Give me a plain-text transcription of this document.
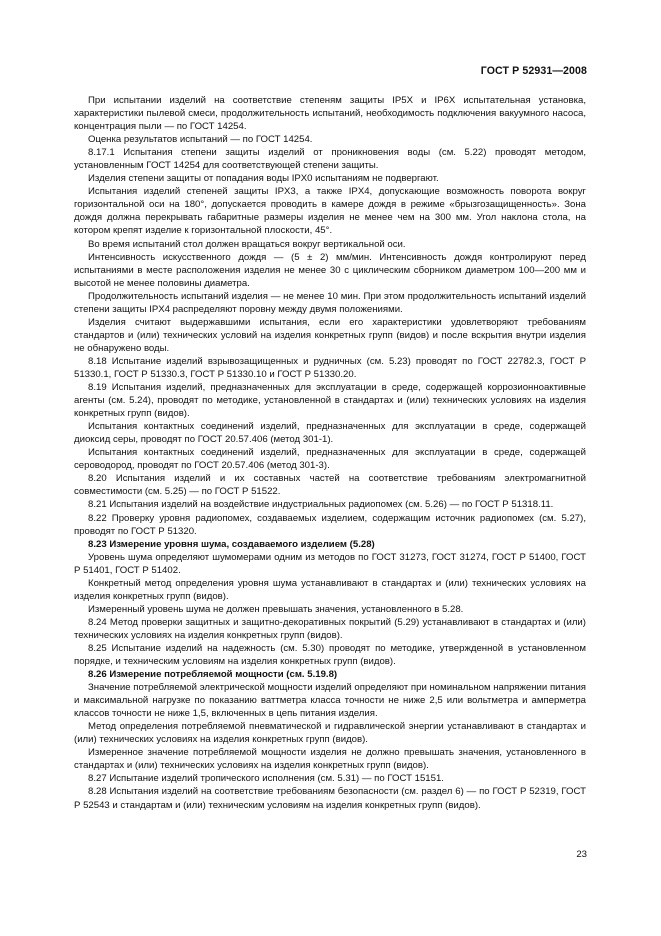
ГОСТ Р 52931—2008

При испытании изделий на соответствие степеням защиты IP5X и IP6X испытательная установка, характеристики пылевой смеси, продолжительность испытаний, необходимость подключения вакуумного насоса, концентрация пыли — по ГОСТ 14254.

Оценка результатов испытаний — по ГОСТ 14254.

8.17.1 Испытания степени защиты изделий от проникновения воды (см. 5.22) проводят методом, установленным ГОСТ 14254 для соответствующей степени защиты.

Изделия степени защиты от попадания воды IPX0 испытаниям не подвергают.

Испытания изделий степеней защиты IPX3, а также IPX4, допускающие возможность поворота вокруг горизонтальной оси на 180°, допускается проводить в камере дождя в режиме «брызгозащищенность». Зона дождя должна перекрывать габаритные размеры изделия не менее чем на 300 мм. Угол наклона стола, на котором крепят изделие к горизонтальной плоскости, 45°.

Во время испытаний стол должен вращаться вокруг вертикальной оси.

Интенсивность искусственного дождя — (5 ± 2) мм/мин. Интенсивность дождя контролируют перед испытаниями в месте расположения изделия не менее 30 с циклическим сборником диаметром 100—200 мм и высотой не менее половины диаметра.

Продолжительность испытаний изделия — не менее 10 мин. При этом продолжительность испытаний изделий степени защиты IPX4 распределяют поровну между двумя положениями.

Изделия считают выдержавшими испытания, если его характеристики удовлетворяют требованиям стандартов и (или) технических условий на изделия конкретных групп (видов) и после вскрытия внутри изделия не обнаружено воды.

8.18 Испытание изделий взрывозащищенных и рудничных (см. 5.23) проводят по ГОСТ 22782.3, ГОСТ Р 51330.1, ГОСТ Р 51330.3, ГОСТ Р 51330.10 и ГОСТ Р 51330.20.

8.19 Испытания изделий, предназначенных для эксплуатации в среде, содержащей коррозионноактивные агенты (см. 5.24), проводят по методике, установленной в стандартах и (или) технических условиях на изделия конкретных групп (видов).

Испытания контактных соединений изделий, предназначенных для эксплуатации в среде, содержащей диоксид серы, проводят по ГОСТ 20.57.406 (метод 301-1).

Испытания контактных соединений изделий, предназначенных для эксплуатации в среде, содержащей сероводород, проводят по ГОСТ 20.57.406 (метод 301-3).

8.20 Испытания изделий и их составных частей на соответствие требованиям электромагнитной совместимости (см. 5.25) — по ГОСТ Р 51522.

8.21 Испытания изделий на воздействие индустриальных радиопомех (см. 5.26) — по ГОСТ Р 51318.11.

8.22 Проверку уровня радиопомех, создаваемых изделием, содержащим источник радиопомех (см. 5.27), проводят по ГОСТ Р 51320.

8.23 Измерение уровня шума, создаваемого изделием (5.28)

Уровень шума определяют шумомерами одним из методов по ГОСТ 31273, ГОСТ 31274, ГОСТ Р 51400, ГОСТ Р 51401, ГОСТ Р 51402.

Конкретный метод определения уровня шума устанавливают в стандартах и (или) технических условиях на изделия конкретных групп (видов).

Измеренный уровень шума не должен превышать значения, установленного в 5.28.

8.24 Метод проверки защитных и защитно-декоративных покрытий (5.29) устанавливают в стандартах и (или) технических условиях на изделия конкретных групп (видов).

8.25 Испытание изделий на надежность (см. 5.30) проводят по методике, утвержденной в установленном порядке, и техническим условиям на изделия конкретных групп (видов).

8.26 Измерение потребляемой мощности (см. 5.19.8)

Значение потребляемой электрической мощности изделий определяют при номинальном напряжении питания и максимальной нагрузке по показанию ваттметра класса точности не ниже 2,5 или вольтметра и амперметра классов точности не ниже 1,5, включенных в цепь питания изделия.

Метод определения потребляемой пневматической и гидравлической энергии устанавливают в стандартах и (или) технических условиях на изделия конкретных групп (видов).

Измеренное значение потребляемой мощности изделия не должно превышать значения, установленного в стандартах и (или) технических условиях на изделия конкретных групп (видов).

8.27 Испытание изделий тропического исполнения (см. 5.31) — по ГОСТ 15151.

8.28 Испытания изделий на соответствие требованиям безопасности (см. раздел 6) — по ГОСТ Р 52319, ГОСТ Р 52543 и стандартам и (или) техническим условиям на изделия конкретных групп (видов).

23
